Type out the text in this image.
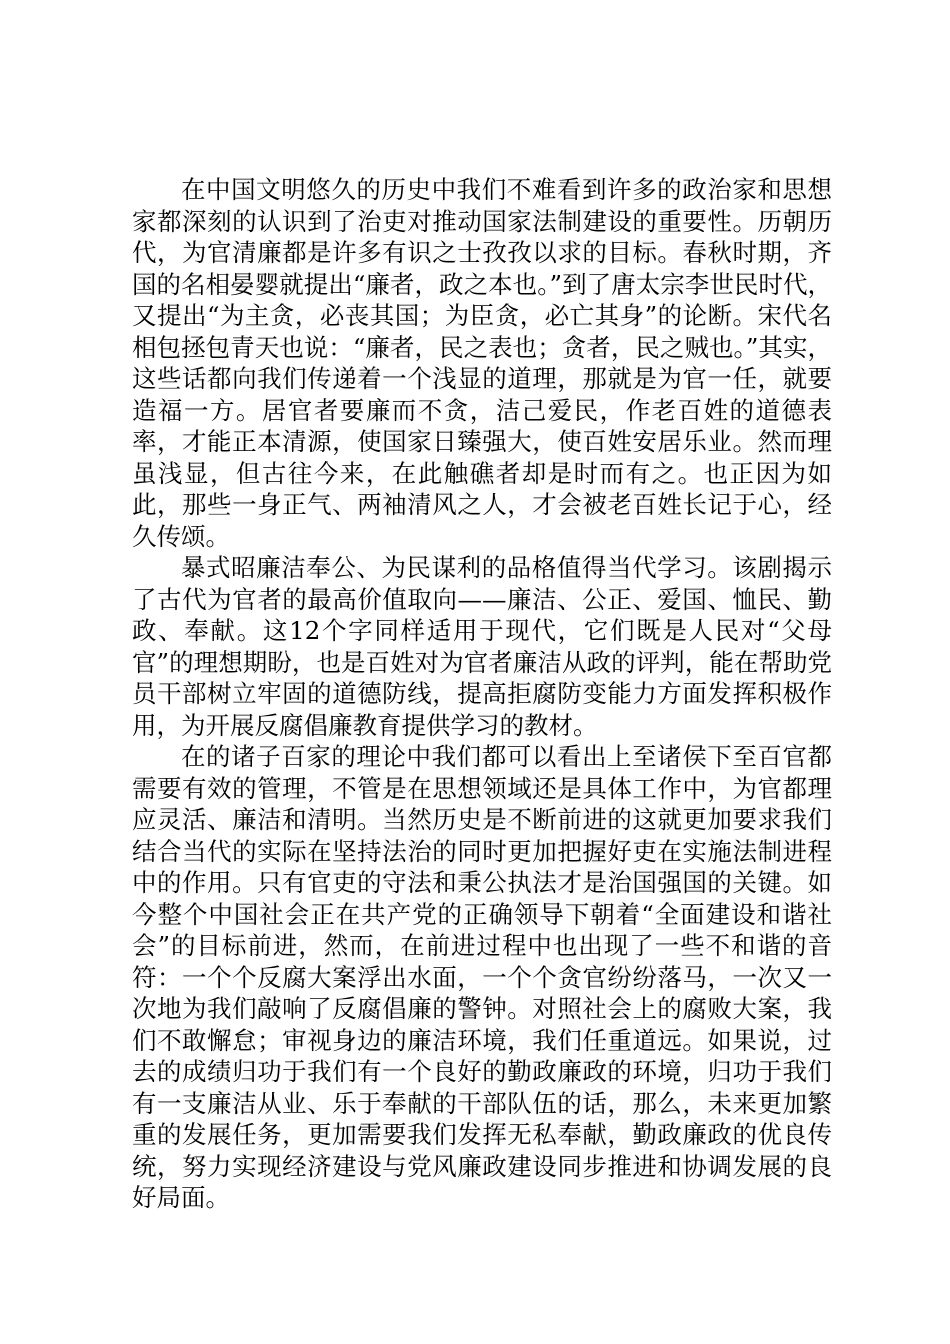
在中国文明悠久的历史中我们不难看到许多的政治家和思想家都深刻的认识到了治吏对推动国家法制建设的重要性。历朝历代，为官清廉都是许多有识之士孜孜以求的目标。春秋时期，齐国的名相晏婴就提出“廉者，政之本也。”到了唐太宗李世民时代，又提出“为主贪，必丧其国；为臣贪，必亡其身”的论断。宋代名相包拯包青天也说：“廉者，民之表也；贪者，民之贼也。”其实，这些话都向我们传递着一个浅显的道理，那就是为官一任，就要造福一方。居官者要廉而不贪，洁己爱民，作老百姓的道德表率，才能正本清源，使国家日臻强大，使百姓安居乐业。然而理虽浅显，但古往今来，在此触礁者却是时而有之。也正因为如此，那些一身正气、两袖清风之人，才会被老百姓长记于心，经久传颂。

暴式昭廉洁奉公、为民谋利的品格值得当代学习。该剧揭示了古代为官者的最高价值取向——廉洁、公正、爱国、恤民、勤政、奉献。这12个字同样适用于现代，它们既是人民对“父母官”的理想期盼，也是百姓对为官者廉洁从政的评判，能在帮助党员干部树立牢固的道德防线，提高拒腐防变能力方面发挥积极作用，为开展反腐倡廉教育提供学习的教材。

在的诸子百家的理论中我们都可以看出上至诸侯下至百官都需要有效的管理，不管是在思想领域还是具体工作中，为官都理应灵活、廉洁和清明。当然历史是不断前进的这就更加要求我们结合当代的实际在坚持法治的同时更加把握好吏在实施法制进程中的作用。只有官吏的守法和秉公执法才是治国强国的关键。如今整个中国社会正在共产党的正确领导下朝着“全面建设和谐社会”的目标前进，然而，在前进过程中也出现了一些不和谐的音符：一个个反腐大案浮出水面，一个个贪官纷纷落马，一次又一次地为我们敲响了反腐倡廉的警钟。对照社会上的腐败大案，我们不敢懈怠；审视身边的廉洁环境，我们任重道远。如果说，过去的成绩归功于我们有一个良好的勤政廉政的环境，归功于我们有一支廉洁从业、乐于奉献的干部队伍的话，那么，未来更加繁重的发展任务，更加需要我们发挥无私奉献，勤政廉政的优良传统，努力实现经济建设与党风廉政建设同步推进和协调发展的良好局面。
